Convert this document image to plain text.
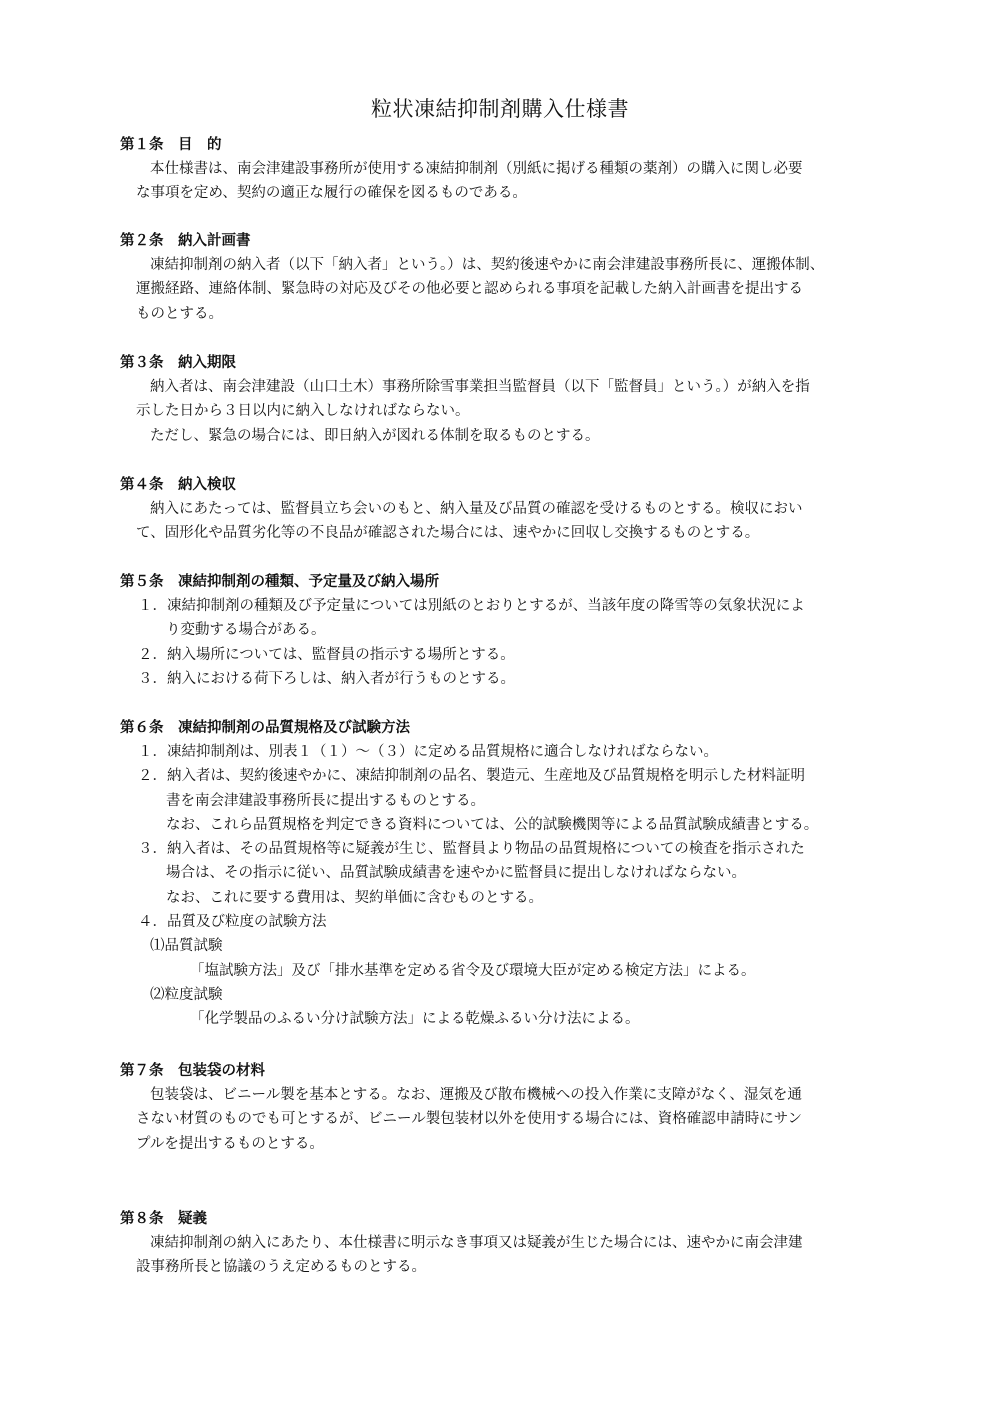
粒状凍結抑制剤購入仕様書

第１条　目　的

本仕様書は、南会津建設事務所が使用する凍結抑制剤（別紙に掲げる種類の薬剤）の購入に関し必要

な事項を定め、契約の適正な履行の確保を図るものである。

第２条　納入計画書

凍結抑制剤の納入者（以下「納入者」という。）は、契約後速やかに南会津建設事務所長に、運搬体制、

運搬経路、連絡体制、緊急時の対応及びその他必要と認められる事項を記載した納入計画書を提出する

ものとする。

第３条　納入期限

納入者は、南会津建設（山口土木）事務所除雪事業担当監督員（以下「監督員」という。）が納入を指

示した日から３日以内に納入しなければならない。

ただし、緊急の場合には、即日納入が図れる体制を取るものとする。

第４条　納入検収

納入にあたっては、監督員立ち会いのもと、納入量及び品質の確認を受けるものとする。検収におい

て、固形化や品質劣化等の不良品が確認された場合には、速やかに回収し交換するものとする。

第５条　凍結抑制剤の種類、予定量及び納入場所

１．凍結抑制剤の種類及び予定量については別紙のとおりとするが、当該年度の降雪等の気象状況によ

り変動する場合がある。

２．納入場所については、監督員の指示する場所とする。

３．納入における荷下ろしは、納入者が行うものとする。

第６条　凍結抑制剤の品質規格及び試験方法

１．凍結抑制剤は、別表１（１）～（３）に定める品質規格に適合しなければならない。

２．納入者は、契約後速やかに、凍結抑制剤の品名、製造元、生産地及び品質規格を明示した材料証明

書を南会津建設事務所長に提出するものとする。

なお、これら品質規格を判定できる資料については、公的試験機関等による品質試験成績書とする。

３．納入者は、その品質規格等に疑義が生じ、監督員より物品の品質規格についての検査を指示された

場合は、その指示に従い、品質試験成績書を速やかに監督員に提出しなければならない。

なお、これに要する費用は、契約単価に含むものとする。

４．品質及び粒度の試験方法

⑴品質試験

「塩試験方法」及び「排水基準を定める省令及び環境大臣が定める検定方法」による。

⑵粒度試験

「化学製品のふるい分け試験方法」による乾燥ふるい分け法による。

第７条　包装袋の材料

包装袋は、ビニール製を基本とする。なお、運搬及び散布機械への投入作業に支障がなく、湿気を通

さない材質のものでも可とするが、ビニール製包装材以外を使用する場合には、資格確認申請時にサン

プルを提出するものとする。

第８条　疑義

凍結抑制剤の納入にあたり、本仕様書に明示なき事項又は疑義が生じた場合には、速やかに南会津建

設事務所長と協議のうえ定めるものとする。
